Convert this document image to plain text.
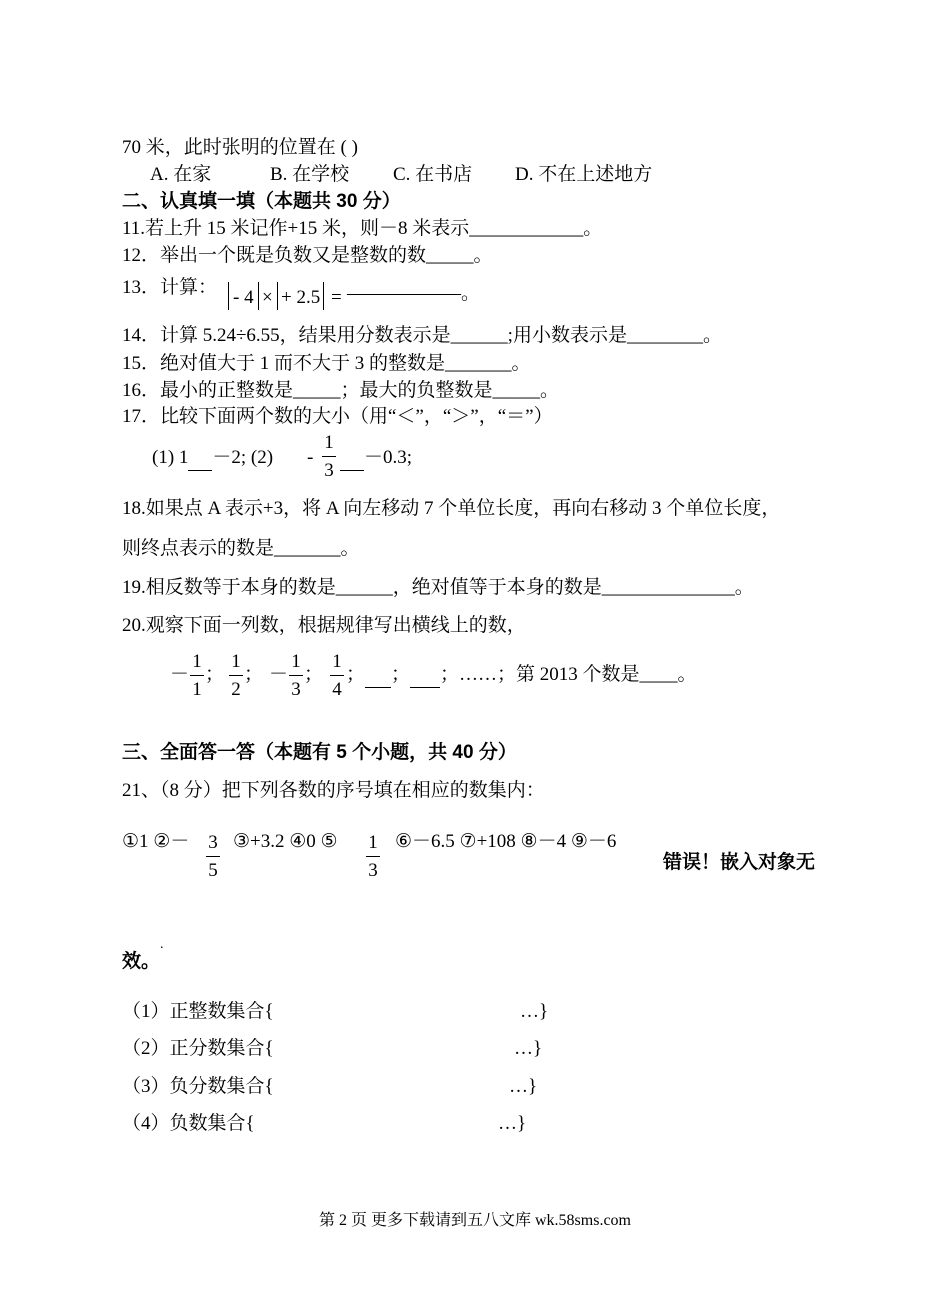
70 米，此时张明的位置在 ( )
A. 在家	B. 在学校 C. 在书店 D. 不在上述地方
二、认真填一填（本题共 30 分）
11.若上升 15 米记作+15 米，则－8 米表示____________。
12．举出一个既是负数又是整数的数_____。
13．计算： - 4 × + 2.5 = ——————。
14．计算 5.24÷6.55，结果用分数表示是______;用小数表示是________。
15．绝对值大于 1 而不大于 3 的整数是_______。
16．最小的正整数是_____；最大的负整数是_____。
17．比较下面两个数的大小（用“＜”，“＞”，“＝”）
(1) 1 －2; (2) -
1
3
－0.3;
18.如果点 A 表示+3，将 A 向左移动 7 个单位长度，再向右移动 3 个单位长度，
则终点表示的数是_______。
19.相反数等于本身的数是______，绝对值等于本身的数是______________。
20.观察下面一列数，根据规律写出横线上的数，
－
1
1
；
1
2
； －
1
3
；
1
4
； ； ；……；第 2013 个数是____。
三、全面答一答（本题有 5 个小题，共 40 分）
21、（8 分）把下列各数的序号填在相应的数集内：
①1 ②－ 3
5
③+3.2 ④0 ⑤ 1
3
⑥－6.5 ⑦+108 ⑧－4 ⑨－6
错误！嵌入对象无
.
效。
（1）正整数集合{	…}
（2）正分数集合{	…}
（3）负分数集合{	…}
（4）负数集合{	…}
第 2 页 更多下载请到五八文库 wk.58sms.com
